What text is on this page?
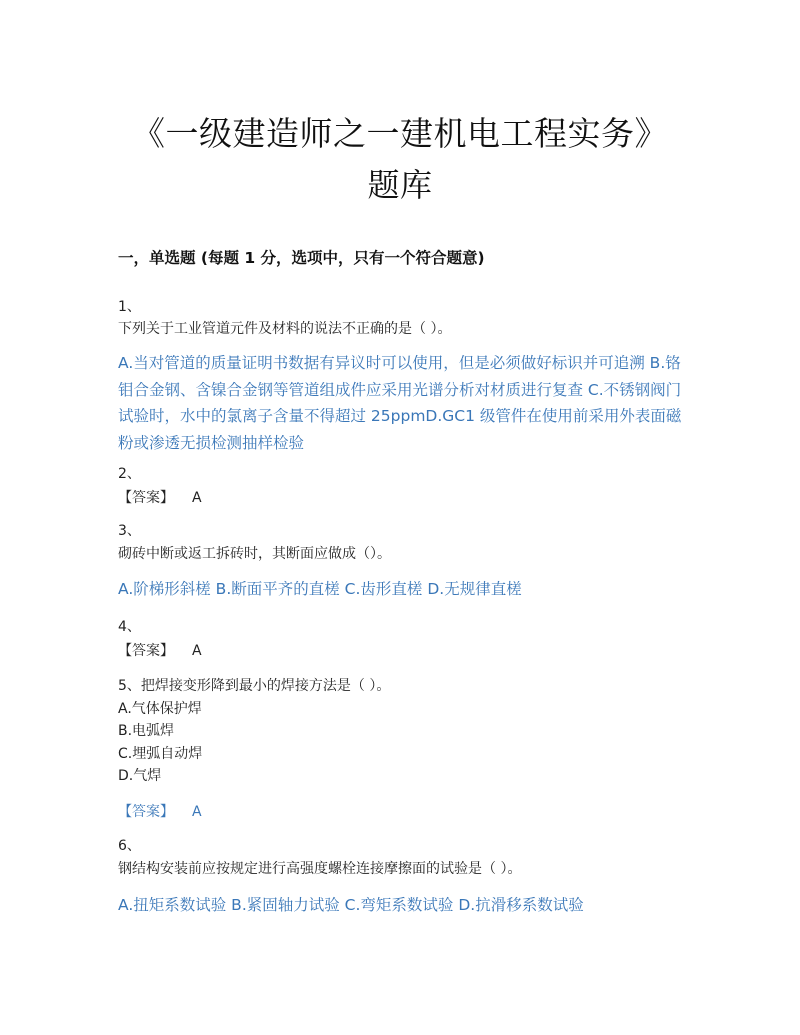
《一级建造师之一建机电工程实务》
题库
一，单选题 (每题 1 分，选项中，只有一个符合题意)
1、
下列关于工业管道元件及材料的说法不正确的是（ ）。
A.当对管道的质量证明书数据有异议时可以使用，但是必须做好标识并可追溯 B.铬钼合金钢、含镍合金钢等管道组成件应采用光谱分析对材质进行复查 C.不锈钢阀门试验时，水中的氯离子含量不得超过 25ppmD.GC1 级管件在使用前采用外表面磁粉或渗透无损检测抽样检验
2、
【答案】 A
3、
砌砖中断或返工拆砖时，其断面应做成（）。
A.阶梯形斜槎 B.断面平齐的直槎 C.齿形直槎 D.无规律直槎
4、
【答案】 A
5、把焊接变形降到最小的焊接方法是（ ）。
A.气体保护焊
B.电弧焊
C.埋弧自动焊
D.气焊
【答案】 A
6、
钢结构安装前应按规定进行高强度螺栓连接摩擦面的试验是（ ）。
A.扭矩系数试验 B.紧固轴力试验 C.弯矩系数试验 D.抗滑移系数试验
